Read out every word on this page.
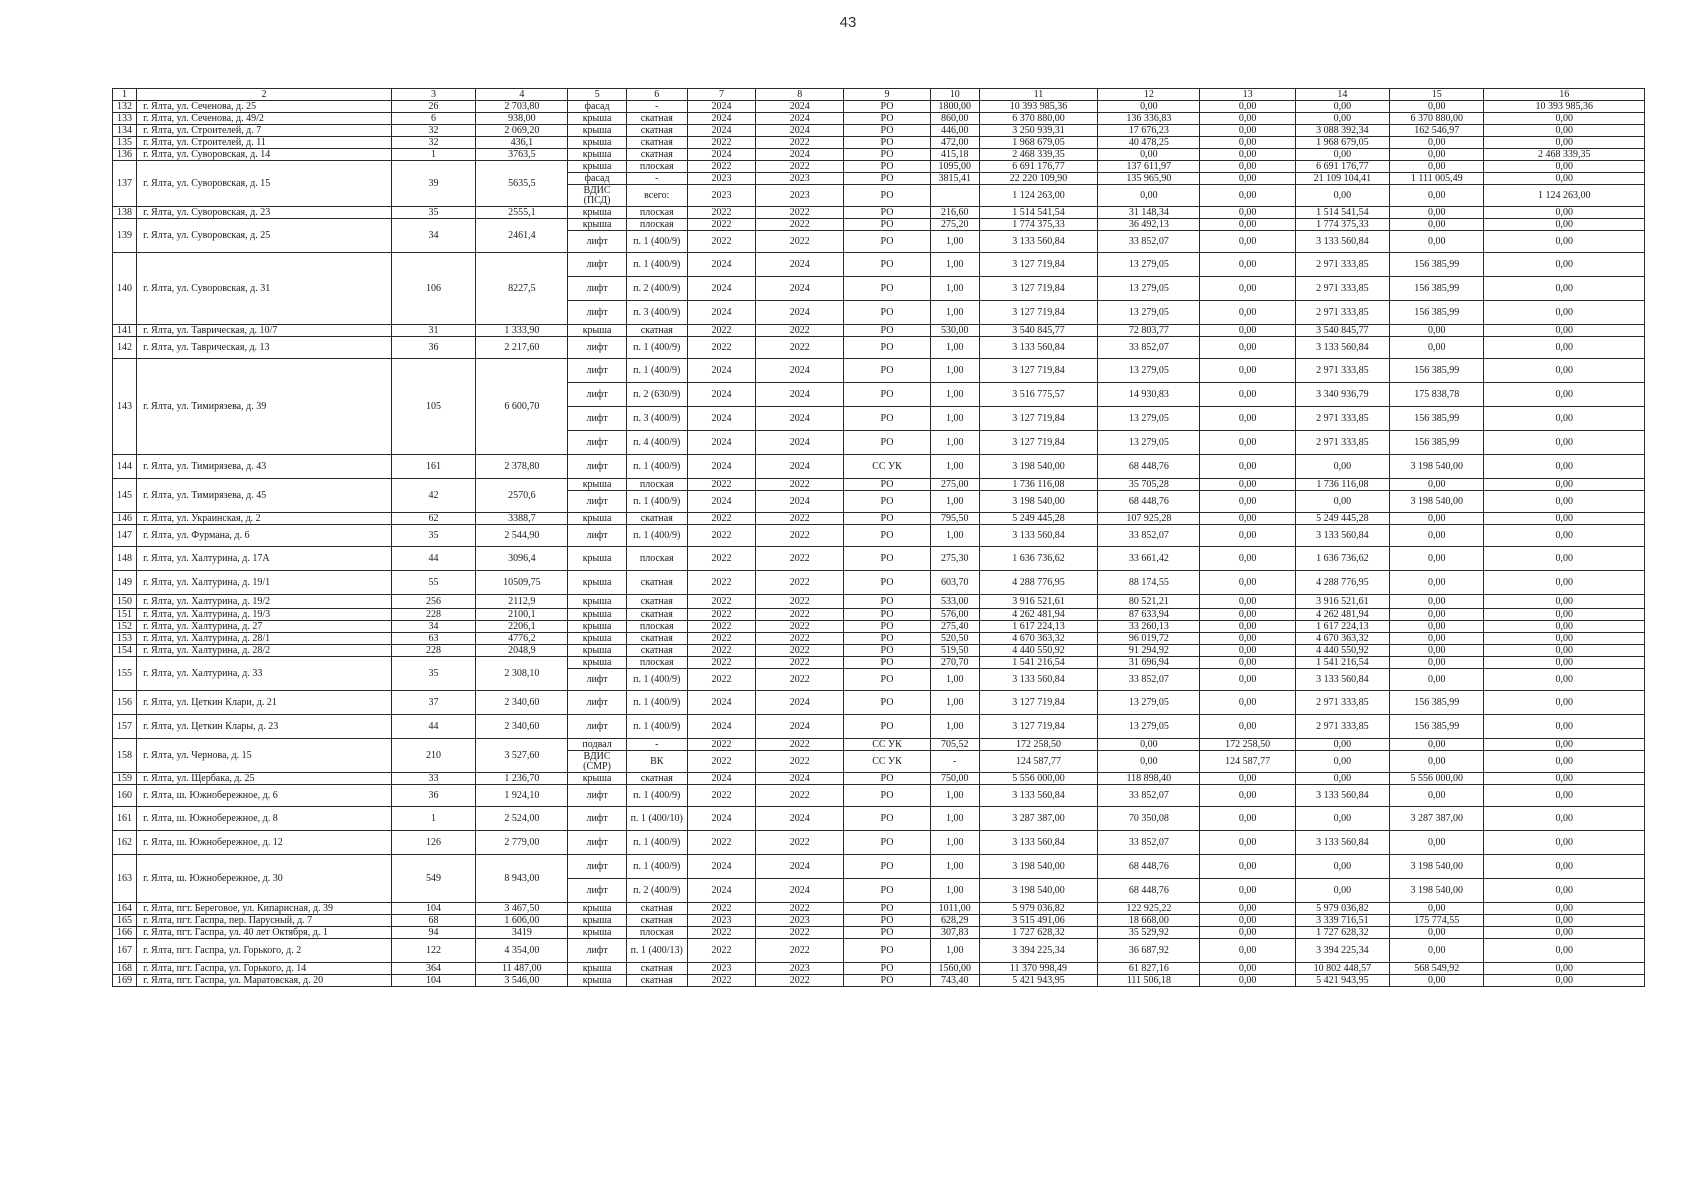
43
1	2	3	4	5	6	7	8	9	10	11	12	13	14	15	16
132	г. Ялта, ул. Сеченова, д. 25	26	2 703,80	фасад	-	2024	2024	РО	1800,00	10 393 985,36	0,00	0,00	0,00	0,00	10 393 985,36
133	г. Ялта, ул. Сеченова, д. 49/2	6	938,00	крыша	скатная	2024	2024	РО	860,00	6 370 880,00	136 336,83	0,00	0,00	6 370 880,00	0,00
134	г. Ялта, ул. Строителей, д. 7	32	2 069,20	крыша	скатная	2024	2024	РО	446,00	3 250 939,31	17 676,23	0,00	3 088 392,34	162 546,97	0,00
135	г. Ялта, ул. Строителей, д. 11	32	436,1	крыша	скатная	2022	2022	РО	472,00	1 968 679,05	40 478,25	0,00	1 968 679,05	0,00	0,00
136	г. Ялта, ул. Суворовская, д. 14	1	3763,5	крыша	скатная	2024	2024	РО	415,18	2 468 339,35	0,00	0,00	0,00	0,00	2 468 339,35
137	г. Ялта, ул. Суворовская, д. 15	39	5635,5	крыша	плоская	2022	2022	РО	1095,00	6 691 176,77	137 611,97	0,00	6 691 176,77	0,00	0,00
				фасад	-	2023	2023	РО	3815,41	22 220 109,90	135 965,90	0,00	21 109 104,41	1 111 005,49	0,00
				ВДИС (ПСД)	всего:	2023	2023	РО		1 124 263,00	0,00	0,00	0,00	0,00	1 124 263,00
138	г. Ялта, ул. Суворовская, д. 23	35	2555,1	крыша	плоская	2022	2022	РО	216,60	1 514 541,54	31 148,34	0,00	1 514 541,54	0,00	0,00
139	г. Ялта, ул. Суворовская, д. 25	34	2461,4	крыша	плоская	2022	2022	РО	275,20	1 774 375,33	36 492,13	0,00	1 774 375,33	0,00	0,00
				лифт	п. 1 (400/9)	2022	2022	РО	1,00	3 133 560,84	33 852,07	0,00	3 133 560,84	0,00	0,00
140	г. Ялта, ул. Суворовская, д. 31	106	8227,5	лифт	п. 1 (400/9)	2024	2024	РО	1,00	3 127 719,84	13 279,05	0,00	2 971 333,85	156 385,99	0,00
				лифт	п. 2 (400/9)	2024	2024	РО	1,00	3 127 719,84	13 279,05	0,00	2 971 333,85	156 385,99	0,00
				лифт	п. 3 (400/9)	2024	2024	РО	1,00	3 127 719,84	13 279,05	0,00	2 971 333,85	156 385,99	0,00
141	г. Ялта, ул. Таврическая, д. 10/7	31	1 333,90	крыша	скатная	2022	2022	РО	530,00	3 540 845,77	72 803,77	0,00	3 540 845,77	0,00	0,00
142	г. Ялта, ул. Таврическая, д. 13	36	2 217,60	лифт	п. 1 (400/9)	2022	2022	РО	1,00	3 133 560,84	33 852,07	0,00	3 133 560,84	0,00	0,00
143	г. Ялта, ул. Тимирязева, д. 39	105	6 600,70	лифт	п. 1 (400/9)	2024	2024	РО	1,00	3 127 719,84	13 279,05	0,00	2 971 333,85	156 385,99	0,00
				лифт	п. 2 (630/9)	2024	2024	РО	1,00	3 516 775,57	14 930,83	0,00	3 340 936,79	175 838,78	0,00
				лифт	п. 3 (400/9)	2024	2024	РО	1,00	3 127 719,84	13 279,05	0,00	2 971 333,85	156 385,99	0,00
				лифт	п. 4 (400/9)	2024	2024	РО	1,00	3 127 719,84	13 279,05	0,00	2 971 333,85	156 385,99	0,00
144	г. Ялта, ул. Тимирязева, д. 43	161	2 378,80	лифт	п. 1 (400/9)	2024	2024	СС УК	1,00	3 198 540,00	68 448,76	0,00	0,00	3 198 540,00	0,00
145	г. Ялта, ул. Тимирязева, д. 45	42	2570,6	крыша	плоская	2022	2022	РО	275,00	1 736 116,08	35 705,28	0,00	1 736 116,08	0,00	0,00
				лифт	п. 1 (400/9)	2024	2024	РО	1,00	3 198 540,00	68 448,76	0,00	0,00	3 198 540,00	0,00
146	г. Ялта, ул. Украинская, д. 2	62	3388,7	крыша	скатная	2022	2022	РО	795,50	5 249 445,28	107 925,28	0,00	5 249 445,28	0,00	0,00
147	г. Ялта, ул. Фурмана, д. 6	35	2 544,90	лифт	п. 1 (400/9)	2022	2022	РО	1,00	3 133 560,84	33 852,07	0,00	3 133 560,84	0,00	0,00
148	г. Ялта, ул. Халтурина, д. 17А	44	3096,4	крыша	плоская	2022	2022	РО	275,30	1 636 736,62	33 661,42	0,00	1 636 736,62	0,00	0,00
149	г. Ялта, ул. Халтурина, д. 19/1	55	10509,75	крыша	скатная	2022	2022	РО	603,70	4 288 776,95	88 174,55	0,00	4 288 776,95	0,00	0,00
150	г. Ялта, ул. Халтурина, д. 19/2	256	2112,9	крыша	скатная	2022	2022	РО	533,00	3 916 521,61	80 521,21	0,00	3 916 521,61	0,00	0,00
151	г. Ялта, ул. Халтурина, д. 19/3	228	2100,1	крыша	скатная	2022	2022	РО	576,00	4 262 481,94	87 633,94	0,00	4 262 481,94	0,00	0,00
152	г. Ялта, ул. Халтурина, д. 27	34	2206,1	крыша	плоская	2022	2022	РО	275,40	1 617 224,13	33 260,13	0,00	1 617 224,13	0,00	0,00
153	г. Ялта, ул. Халтурина, д. 28/1	63	4776,2	крыша	скатная	2022	2022	РО	520,50	4 670 363,32	96 019,72	0,00	4 670 363,32	0,00	0,00
154	г. Ялта, ул. Халтурина, д. 28/2	228	2048,9	крыша	скатная	2022	2022	РО	519,50	4 440 550,92	91 294,92	0,00	4 440 550,92	0,00	0,00
155	г. Ялта, ул. Халтурина, д. 33	35	2 308,10	крыша	плоская	2022	2022	РО	270,70	1 541 216,54	31 696,94	0,00	1 541 216,54	0,00	0,00
				лифт	п. 1 (400/9)	2022	2022	РО	1,00	3 133 560,84	33 852,07	0,00	3 133 560,84	0,00	0,00
156	г. Ялта, ул. Цеткин Клари, д. 21	37	2 340,60	лифт	п. 1 (400/9)	2024	2024	РО	1,00	3 127 719,84	13 279,05	0,00	2 971 333,85	156 385,99	0,00
157	г. Ялта, ул. Цеткин Клары, д. 23	44	2 340,60	лифт	п. 1 (400/9)	2024	2024	РО	1,00	3 127 719,84	13 279,05	0,00	2 971 333,85	156 385,99	0,00
158	г. Ялта, ул. Чернова, д. 15	210	3 527,60	подвал	-	2022	2022	СС УК	705,52	172 258,50	0,00	172 258,50	0,00	0,00	0,00
				ВДИС (СМР)	ВК	2022	2022	СС УК	-	124 587,77	0,00	124 587,77	0,00	0,00	0,00
159	г. Ялта, ул. Щербака, д. 25	33	1 236,70	крыша	скатная	2024	2024	РО	750,00	5 556 000,00	118 898,40	0,00	0,00	5 556 000,00	0,00
160	г. Ялта, ш. Южнобережное, д. 6	36	1 924,10	лифт	п. 1 (400/9)	2022	2022	РО	1,00	3 133 560,84	33 852,07	0,00	3 133 560,84	0,00	0,00
161	г. Ялта, ш. Южнобережное, д. 8	1	2 524,00	лифт	п. 1 (400/10)	2024	2024	РО	1,00	3 287 387,00	70 350,08	0,00	0,00	3 287 387,00	0,00
162	г. Ялта, ш. Южнобережное, д. 12	126	2 779,00	лифт	п. 1 (400/9)	2022	2022	РО	1,00	3 133 560,84	33 852,07	0,00	3 133 560,84	0,00	0,00
163	г. Ялта, ш. Южнобережное, д. 30	549	8 943,00	лифт	п. 1 (400/9)	2024	2024	РО	1,00	3 198 540,00	68 448,76	0,00	0,00	3 198 540,00	0,00
				лифт	п. 2 (400/9)	2024	2024	РО	1,00	3 198 540,00	68 448,76	0,00	0,00	3 198 540,00	0,00
164	г. Ялта, пгт. Береговое, ул. Кипарисная, д. 39	104	3 467,50	крыша	скатная	2022	2022	РО	1011,00	5 979 036,82	122 925,22	0,00	5 979 036,82	0,00	0,00
165	г. Ялта, пгт. Гаспра, пер. Парусный, д. 7	68	1 606,00	крыша	скатная	2023	2023	РО	628,29	3 515 491,06	18 668,00	0,00	3 339 716,51	175 774,55	0,00
166	г. Ялта, пгт. Гаспра, ул. 40 лет Октября, д. 1	94	3419	крыша	плоская	2022	2022	РО	307,83	1 727 628,32	35 529,92	0,00	1 727 628,32	0,00	0,00
167	г. Ялта, пгт. Гаспра, ул. Горького, д. 2	122	4 354,00	лифт	п. 1 (400/13)	2022	2022	РО	1,00	3 394 225,34	36 687,92	0,00	3 394 225,34	0,00	0,00
168	г. Ялта, пгт. Гаспра, ул. Горького, д. 14	364	11 487,00	крыша	скатная	2023	2023	РО	1560,00	11 370 998,49	61 827,16	0,00	10 802 448,57	568 549,92	0,00
169	г. Ялта, пгт. Гаспра, ул. Маратовская, д. 20	104	3 546,00	крыша	скатная	2022	2022	РО	743,40	5 421 943,95	111 506,18	0,00	5 421 943,95	0,00	0,00
